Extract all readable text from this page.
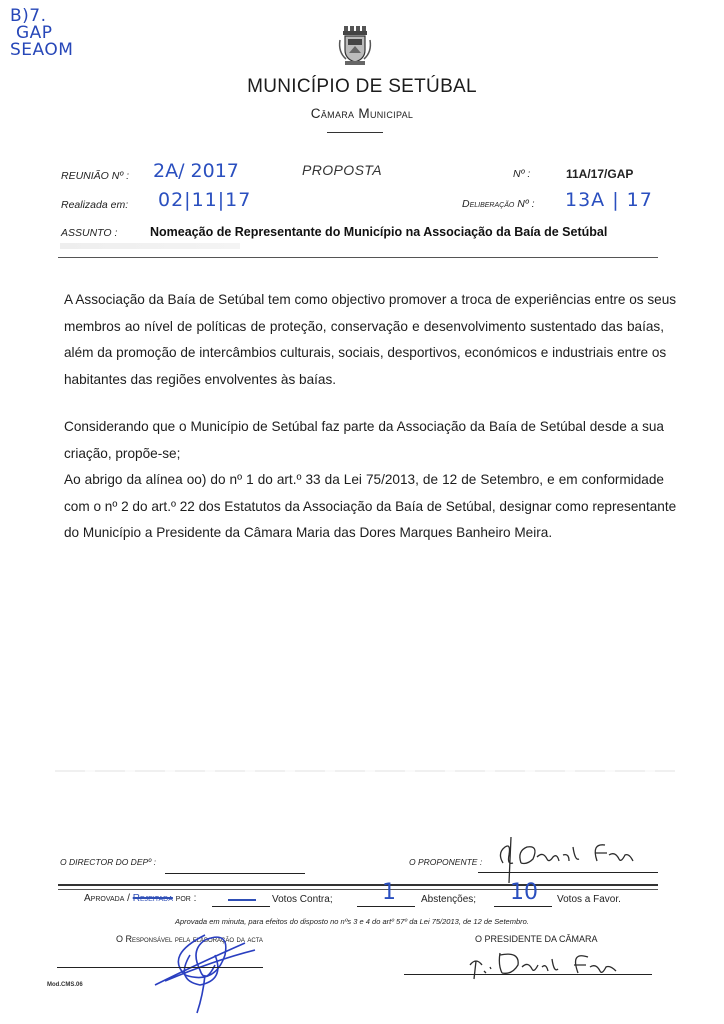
B)7.
GAP
SEAOM
MUNICÍPIO DE SETÚBAL
Câmara Municipal
REUNIÃO Nº : 2A/ 2017	PROPOSTA	Nº :	11A/17/GAP
Realizada em: 02|11|17	Deliberação Nº : 13A | 17
ASSUNTO :	Nomeação de Representante do Município na Associação da Baía de Setúbal
A Associação da Baía de Setúbal tem como objectivo promover a troca de experiências entre os seus
membros ao nível de políticas de proteção, conservação e desenvolvimento sustentado das baías,
além da promoção de intercâmbios culturais, sociais, desportivos, económicos e industriais entre os
habitantes das regiões envolventes às baías.
Considerando que o Município de Setúbal faz parte da Associação da Baía de Setúbal desde a sua
criação, propõe-se;
Ao abrigo da alínea oo) do nº 1 do art.º 33 da Lei 75/2013, de 12 de Setembro, e em conformidade
com o nº 2 do art.º 22 dos Estatutos da Associação da Baía de Setúbal, designar como representante
do Município a Presidente da Câmara Maria das Dores Marques Banheiro Meira.
O DIRECTOR DO DEPº :	O PROPONENTE :
Aprovada / Rejeitada por :	Votos Contra; 1	Abstenções; 10 Votos a Favor.
Aprovada em minuta, para efeitos do disposto no nºs 3 e 4 do artº 57º da Lei 75/2013, de 12 de Setembro.
O Responsável pela elaboração da acta	O PRESIDENTE DA CÂMARA
Mod.CMS.06
